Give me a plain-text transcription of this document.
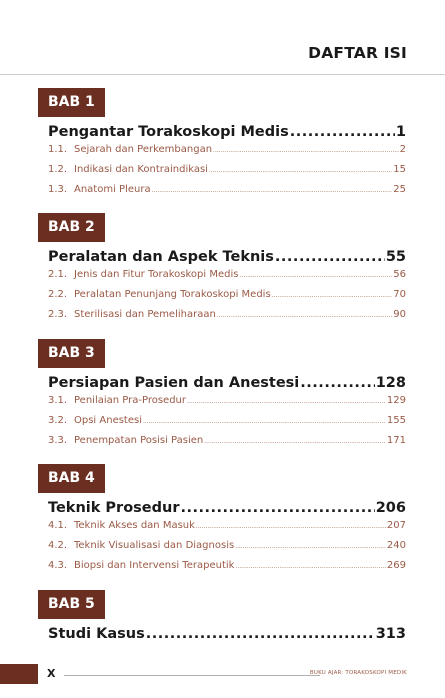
DAFTAR ISI
BAB 1
Pengantar Torakoskopi Medis .....	1
1.1. Sejarah dan Perkembangan .....	2
1.2. Indikasi dan Kontraindikasi .....	15
1.3. Anatomi Pleura .....	25
BAB 2
Peralatan dan Aspek Teknis .....	55
2.1. Jenis dan Fitur Torakoskopi Medis .....	56
2.2. Peralatan Penunjang Torakoskopi Medis .....	70
2.3. Sterilisasi dan Pemeliharaan .....	90
BAB 3
Persiapan Pasien dan Anestesi .....	128
3.1. Penilaian Pra-Prosedur .....	129
3.2. Opsi Anestesi .....	155
3.3. Penempatan Posisi Pasien .....	171
BAB 4
Teknik Prosedur .....	206
4.1. Teknik Akses dan Masuk .....	207
4.2. Teknik Visualisasi dan Diagnosis .....	240
4.3. Biopsi dan Intervensi Terapeutik .....	269
BAB 5
Studi Kasus .....	313
X	BUKU AJAR: TORAKOSKOPI MEDIK
